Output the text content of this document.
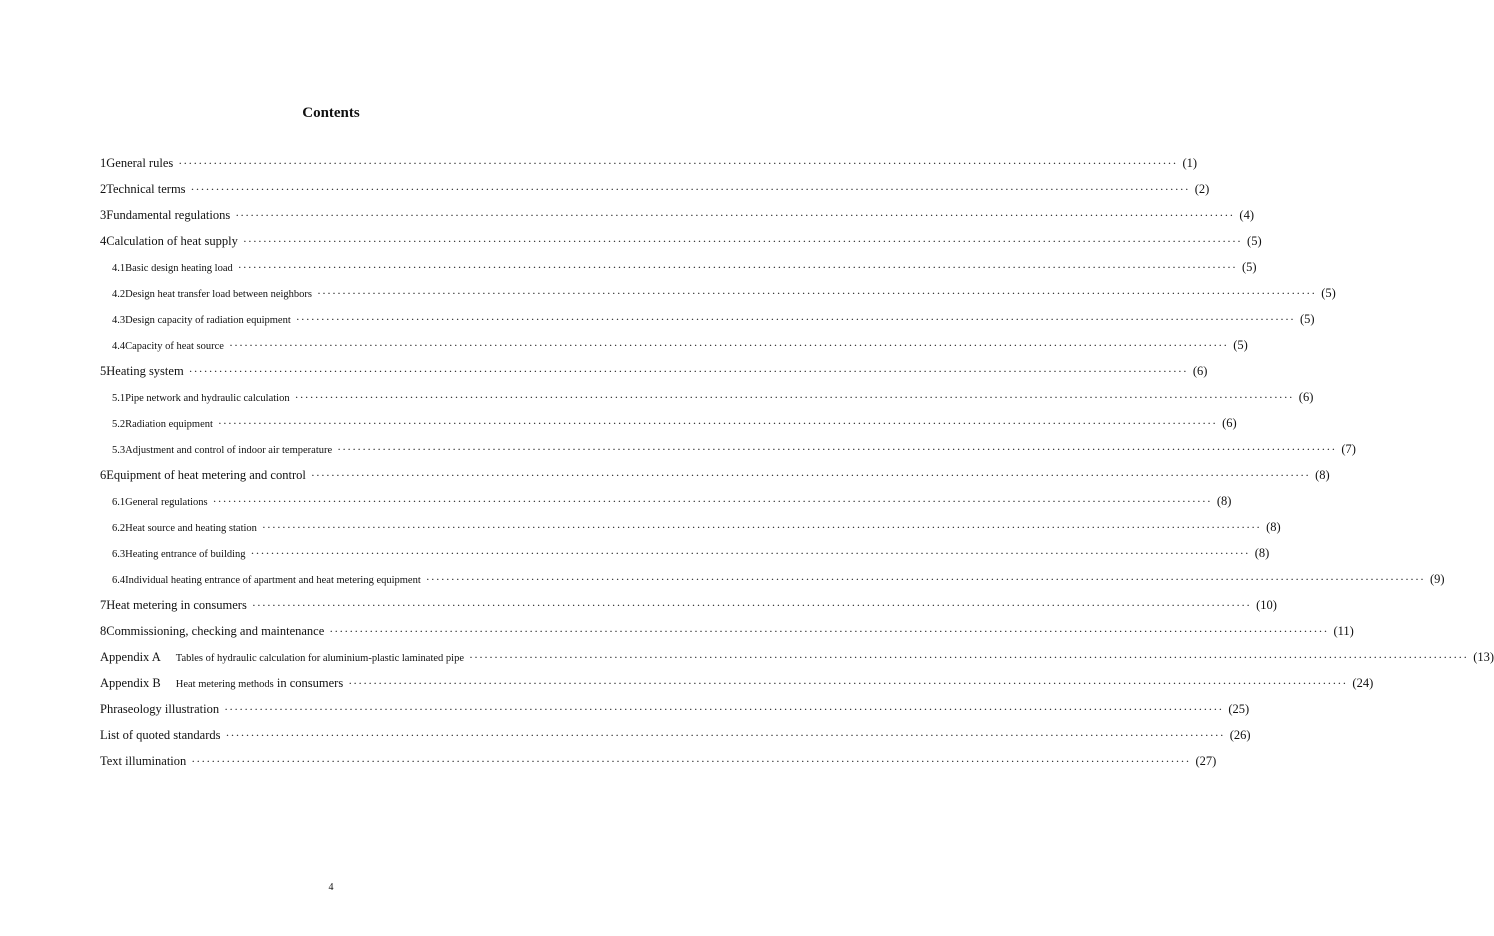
Contents
1 General rules ········································································································································································································ (1)
2 Technical terms ········································································································································································································ (2)
3 Fundamental regulations ········································································································································································································ (4)
4 Calculation of heat supply ········································································································································································································ (5)
4.1 Basic design heating load ········································································································································································································ (5)
4.2 Design heat transfer load between neighbors ········································································································································································································ (5)
4.3 Design capacity of radiation equipment ········································································································································································································ (5)
4.4 Capacity of heat source ········································································································································································································ (5)
5 Heating system ········································································································································································································ (6)
5.1 Pipe network and hydraulic calculation ········································································································································································································ (6)
5.2 Radiation equipment ········································································································································································································ (6)
5.3 Adjustment and control of indoor air temperature ········································································································································································································ (7)
6 Equipment of heat metering and control ········································································································································································································ (8)
6.1 General regulations ········································································································································································································ (8)
6.2 Heat source and heating station ········································································································································································································ (8)
6.3 Heating entrance of building ········································································································································································································ (8)
6.4 Individual heating entrance of apartment and heat metering equipment ········································································································································································································ (9)
7 Heat metering in consumers ········································································································································································································ (10)
8 Commissioning, checking and maintenance ········································································································································································································ (11)
Appendix A Tables of hydraulic calculation for aluminium-plastic laminated pipe ········································································································································································································ (13)
Appendix B Heat metering methods in consumers ········································································································································································································ (24)
Phraseology illustration ········································································································································································································ (25)
List of quoted standards ········································································································································································································ (26)
Text illumination ········································································································································································································ (27)
4
